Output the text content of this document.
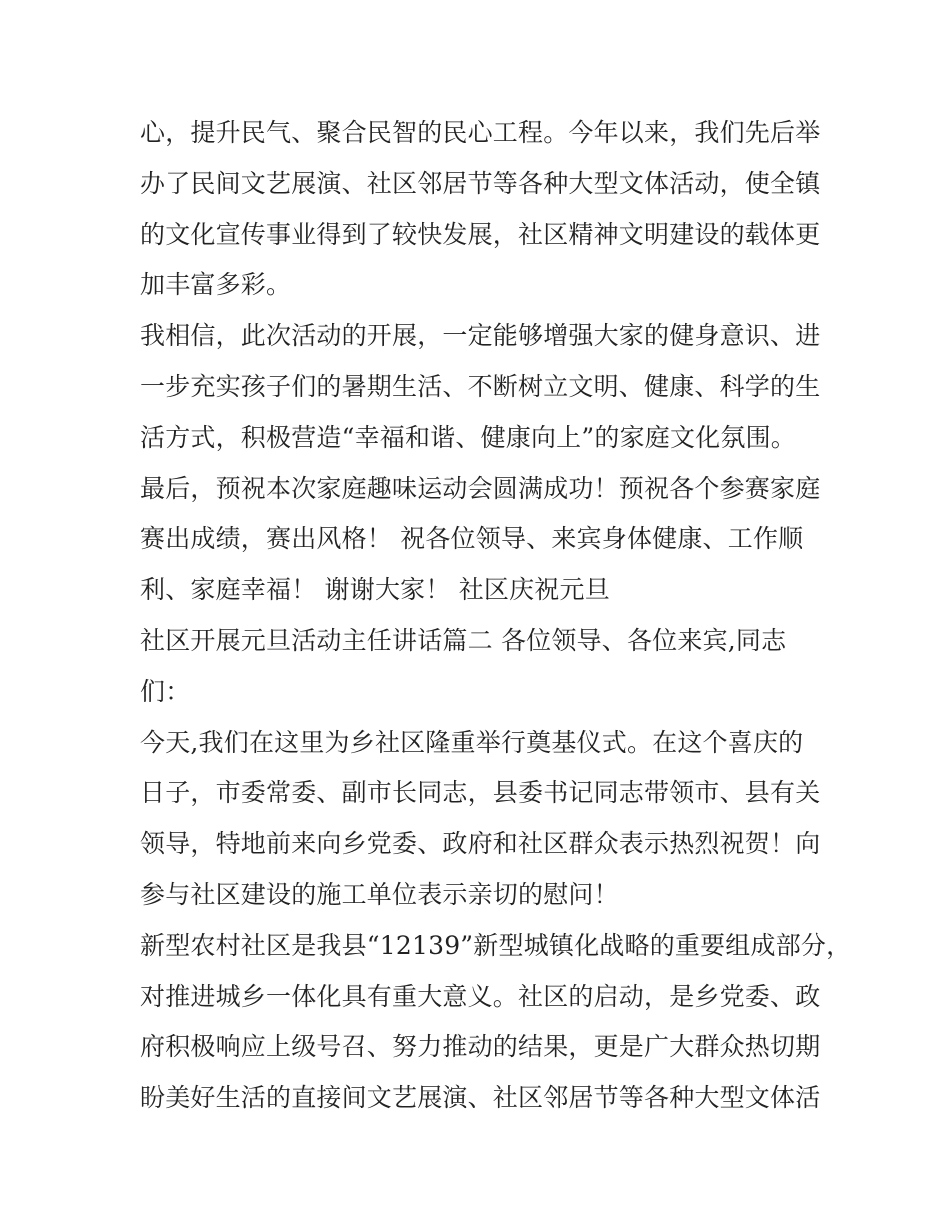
心，提升民气、聚合民智的民心工程。今年以来，我们先后举
办了民间文艺展演、社区邻居节等各种大型文体活动，使全镇
的文化宣传事业得到了较快发展，社区精神文明建设的载体更
加丰富多彩。
我相信，此次活动的开展，一定能够增强大家的健身意识、进
一步充实孩子们的暑期生活、不断树立文明、健康、科学的生
活方式，积极营造“幸福和谐、健康向上”的家庭文化氛围。
最后，预祝本次家庭趣味运动会圆满成功！预祝各个参赛家庭
赛出成绩，赛出风格！ 祝各位领导、来宾身体健康、工作顺
利、家庭幸福！ 谢谢大家！ 社区庆祝元旦
社区开展元旦活动主任讲话篇二 各位领导、各位来宾,同志
们：
今天,我们在这里为乡社区隆重举行奠基仪式。在这个喜庆的
日子，市委常委、副市长同志，县委书记同志带领市、县有关
领导，特地前来向乡党委、政府和社区群众表示热烈祝贺！向
参与社区建设的施工单位表示亲切的慰问！
新型农村社区是我县“12139”新型城镇化战略的重要组成部分，
对推进城乡一体化具有重大意义。社区的启动，是乡党委、政
府积极响应上级号召、努力推动的结果，更是广大群众热切期
盼美好生活的直接间文艺展演、社区邻居节等各种大型文体活
